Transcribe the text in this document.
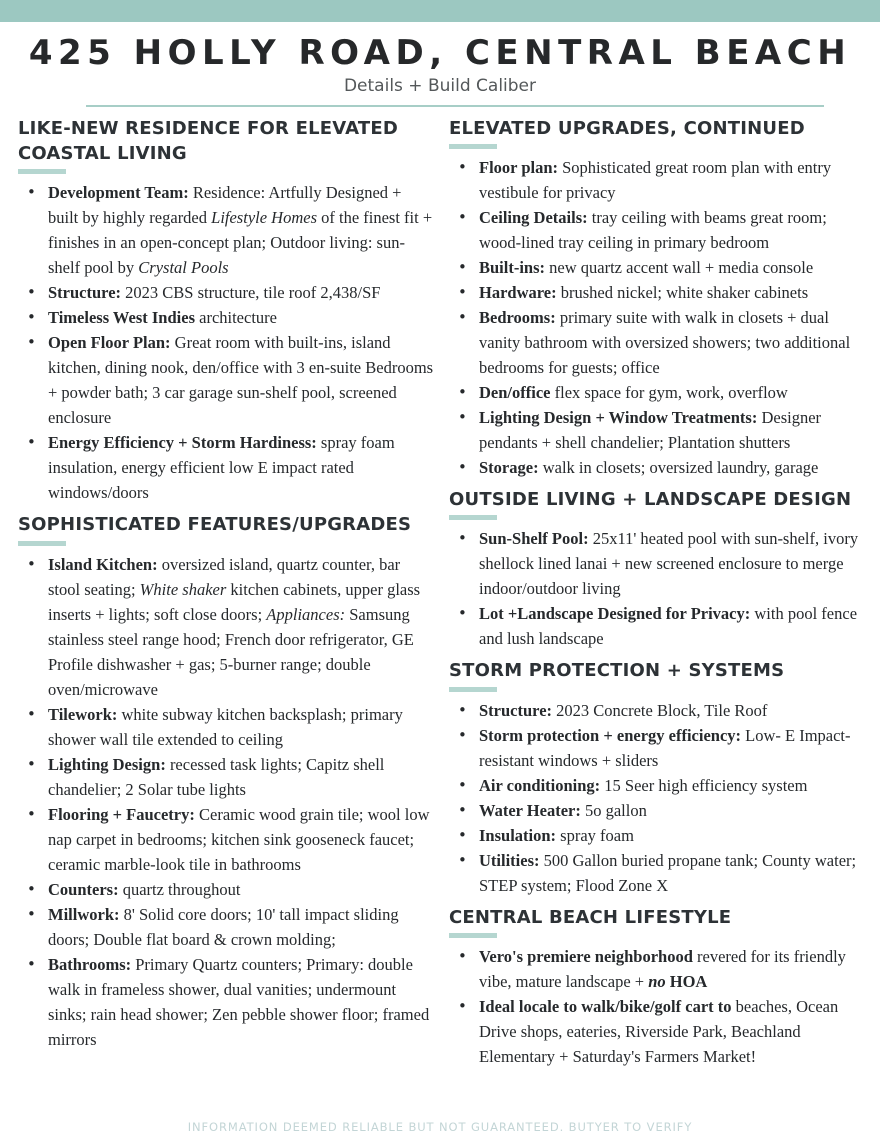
425 HOLLY ROAD, CENTRAL BEACH
Details + Build Caliber
LIKE-NEW RESIDENCE FOR ELEVATED COASTAL LIVING
• Development Team: Residence: Artfully Designed + built by highly regarded Lifestyle Homes of the finest fit + finishes in an open-concept plan; Outdoor living: sun-shelf pool by Crystal Pools
• Structure: 2023 CBS structure, tile roof 2,438/SF
• Timeless West Indies architecture
• Open Floor Plan: Great room with built-ins, island kitchen, dining nook, den/office with 3 en-suite Bedrooms + powder bath; 3 car garage sun-shelf pool, screened enclosure
• Energy Efficiency + Storm Hardiness: spray foam insulation, energy efficient low E impact rated windows/doors
SOPHISTICATED FEATURES/UPGRADES
• Island Kitchen: oversized island, quartz counter, bar stool seating; White shaker kitchen cabinets, upper glass inserts + lights; soft close doors; Appliances: Samsung stainless steel range hood; French door refrigerator, GE Profile dishwasher + gas; 5-burner range; double oven/microwave
• Tilework: white subway kitchen backsplash; primary shower wall tile extended to ceiling
• Lighting Design: recessed task lights; Capitz shell chandelier; 2 Solar tube lights
• Flooring + Faucetry: Ceramic wood grain tile; wool low nap carpet in bedrooms; kitchen sink gooseneck faucet; ceramic marble-look tile in bathrooms
• Counters: quartz throughout
• Millwork: 8' Solid core doors; 10' tall impact sliding doors; Double flat board & crown molding;
• Bathrooms: Primary Quartz counters; Primary: double walk in frameless shower, dual vanities; undermount sinks; rain head shower; Zen pebble shower floor; framed mirrors
ELEVATED UPGRADES, CONTINUED
• Floor plan: Sophisticated great room plan with entry vestibule for privacy
• Ceiling Details: tray ceiling with beams great room; wood-lined tray ceiling in primary bedroom
• Built-ins: new quartz accent wall + media console
• Hardware: brushed nickel; white shaker cabinets
• Bedrooms: primary suite with walk in closets + dual vanity bathroom with oversized showers; two additional bedrooms for guests; office
• Den/office flex space for gym, work, overflow
• Lighting Design + Window Treatments: Designer pendants + shell chandelier; Plantation shutters
• Storage: walk in closets; oversized laundry, garage
OUTSIDE LIVING + LANDSCAPE DESIGN
• Sun-Shelf Pool: 25x11' heated pool with sun-shelf, ivory shellock lined lanai + new screened enclosure to merge indoor/outdoor living
• Lot +Landscape Designed for Privacy: with pool fence and lush landscape
STORM PROTECTION + SYSTEMS
• Structure: 2023 Concrete Block, Tile Roof
• Storm protection + energy efficiency: Low- E Impact-resistant windows + sliders
• Air conditioning: 15 Seer high efficiency system
• Water Heater: 5o gallon
• Insulation: spray foam
• Utilities: 500 Gallon buried propane tank; County water; STEP system; Flood Zone X
CENTRAL BEACH LIFESTYLE
• Vero's premiere neighborhood revered for its friendly vibe, mature landscape + no HOA
• Ideal locale to walk/bike/golf cart to beaches, Ocean Drive shops, eateries, Riverside Park, Beachland Elementary + Saturday's Farmers Market!
INFORMATION DEEMED RELIABLE BUT NOT GUARANTEED. BUTYER TO VERIFY
